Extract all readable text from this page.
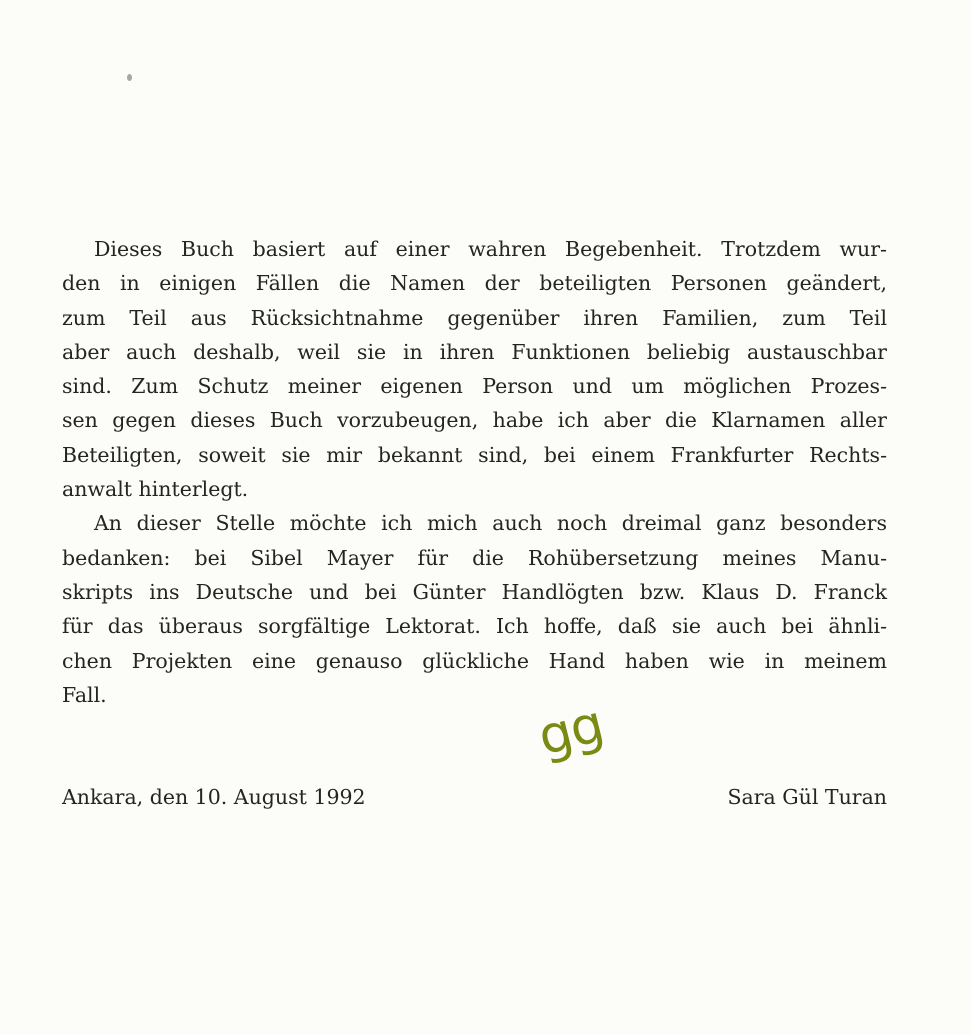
Dieses Buch basiert auf einer wahren Begebenheit. Trotzdem wur-
den in einigen Fällen die Namen der beteiligten Personen geändert,
zum Teil aus Rücksichtnahme gegenüber ihren Familien, zum Teil
aber auch deshalb, weil sie in ihren Funktionen beliebig austauschbar
sind. Zum Schutz meiner eigenen Person und um möglichen Prozes-
sen gegen dieses Buch vorzubeugen, habe ich aber die Klarnamen aller
Beteiligten, soweit sie mir bekannt sind, bei einem Frankfurter Rechts-
anwalt hinterlegt.
An dieser Stelle möchte ich mich auch noch dreimal ganz besonders
bedanken: bei Sibel Mayer für die Rohübersetzung meines Manu-
skripts ins Deutsche und bei Günter Handlögten bzw. Klaus D. Franck
für das überaus sorgfältige Lektorat. Ich hoffe, daß sie auch bei ähnli-
chen Projekten eine genauso glückliche Hand haben wie in meinem
Fall.	gg
Ankara, den 10. August 1992	Sara Gül Turan
